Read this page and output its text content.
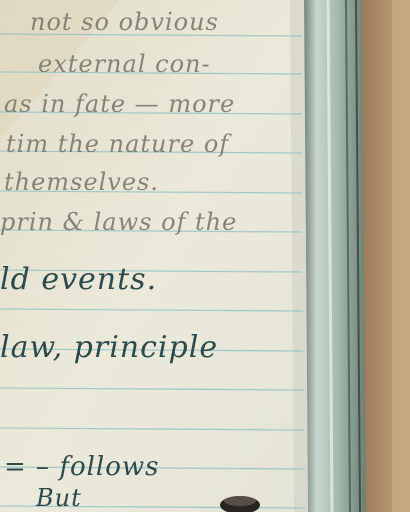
not so obvious
external con-
as in fate — more
tim the nature of
themselves.
prin & laws of the
ld events.
law, principle
= – follows
But
